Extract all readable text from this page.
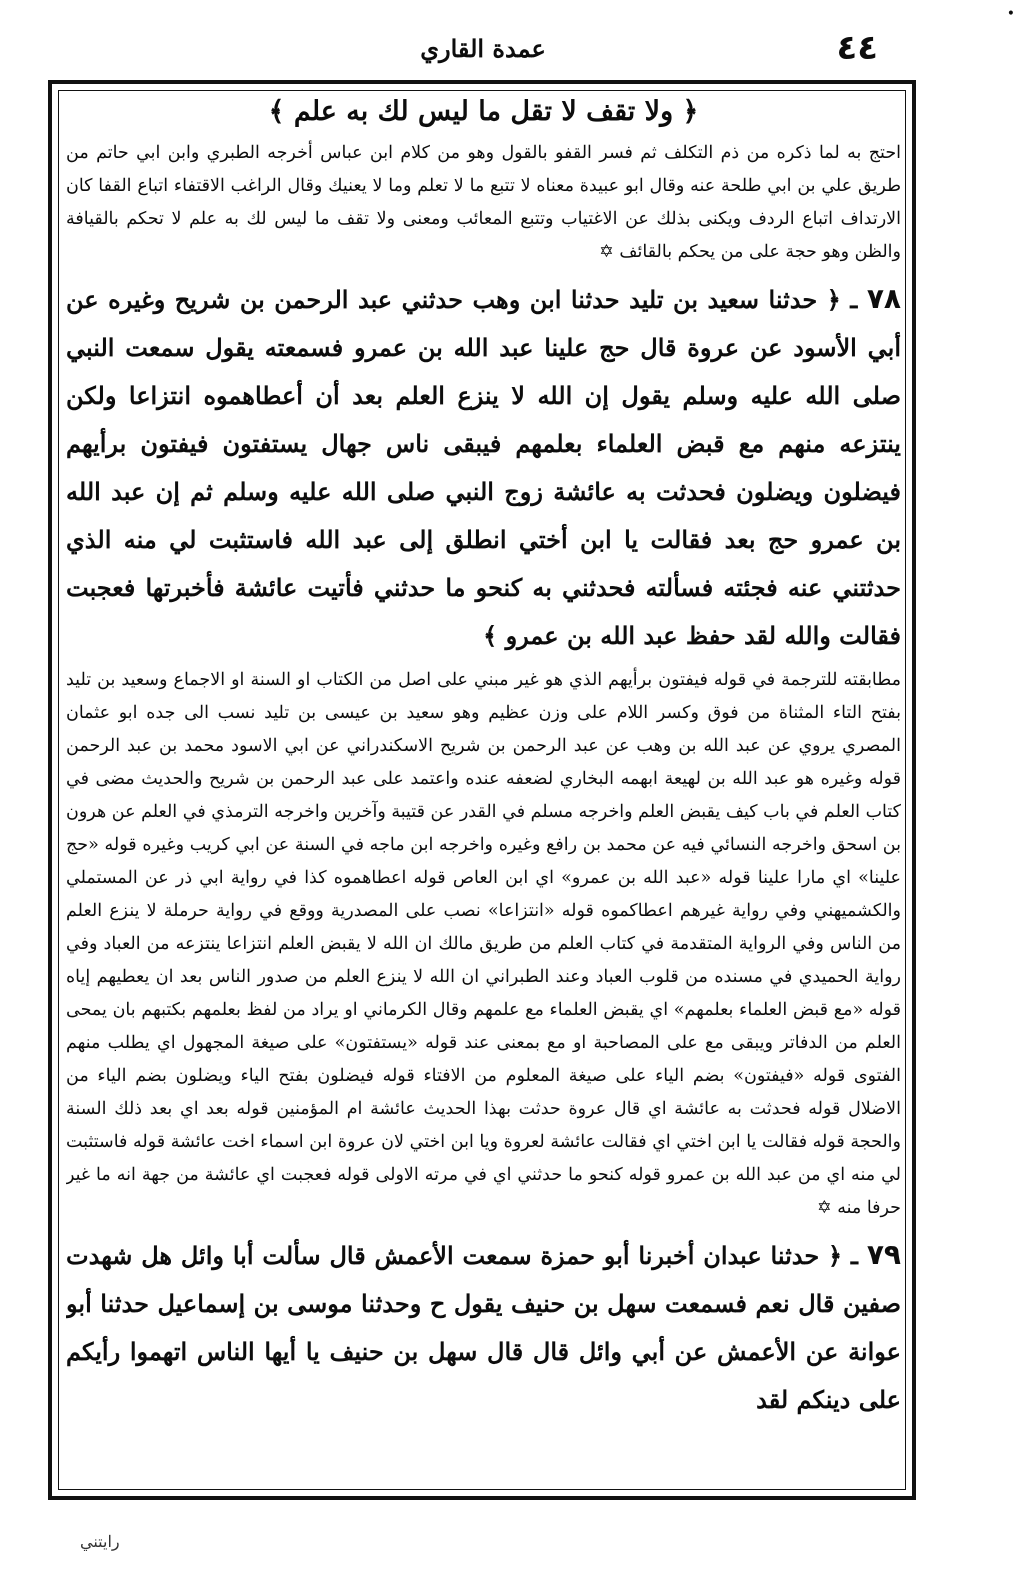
•
عمدة القاري	٤٤
﴿ ولا تقف لا تقل ما ليس لك به علم ﴾

احتج به لما ذكره من ذم التكلف ثم فسر القفو بالقول وهو من كلام ابن عباس أخرجه الطبري وابن ابي حاتم من طريق علي بن ابي طلحة عنه وقال ابو عبيدة معناه لا تتبع ما لا تعلم وما لا يعنيك وقال الراغب الاقتفاء اتباع القفا كان الارتداف اتباع الردف ويكنى بذلك عن الاغتياب وتتبع المعائب ومعنى ولا تقف ما ليس لك به علم لا تحكم بالقيافة والظن وهو حجة على من يحكم بالقائف ✡

٧٨ ـ ﴿ حدثنا سعيد بن تليد حدثنا ابن وهب حدثني عبد الرحمن بن شريح وغيره عن أبي الأسود عن عروة قال حج علينا عبد الله بن عمرو فسمعته يقول سمعت النبي صلى الله عليه وسلم يقول إن الله لا ينزع العلم بعد أن أعطاهموه انتزاعا ولكن ينتزعه منهم مع قبض العلماء بعلمهم فيبقى ناس جهال يستفتون فيفتون برأيهم فيضلون ويضلون فحدثت به عائشة زوج النبي صلى الله عليه وسلم ثم إن عبد الله بن عمرو حج بعد فقالت يا ابن أختي انطلق إلى عبد الله فاستثبت لي منه الذي حدثتني عنه فجئته فسألته فحدثني به كنحو ما حدثني فأتيت عائشة فأخبرتها فعجبت فقالت والله لقد حفظ عبد الله بن عمرو ﴾

مطابقته للترجمة في قوله فيفتون برأيهم الذي هو غير مبني على اصل من الكتاب او السنة او الاجماع وسعيد بن تليد بفتح التاء المثناة من فوق وكسر اللام على وزن عظيم وهو سعيد بن عيسى بن تليد نسب الى جده ابو عثمان المصري يروي عن عبد الله بن وهب عن عبد الرحمن بن شريح الاسكندراني عن ابي الاسود محمد بن عبد الرحمن قوله وغيره هو عبد الله بن لهيعة ابهمه البخاري لضعفه عنده واعتمد على عبد الرحمن بن شريح والحديث مضى في كتاب العلم في باب كيف يقبض العلم واخرجه مسلم في القدر عن قتيبة وآخرين واخرجه الترمذي في العلم عن هرون بن اسحق واخرجه النسائي فيه عن محمد بن رافع وغيره واخرجه ابن ماجه في السنة عن ابي كريب وغيره قوله «حج علينا» اي مارا علينا قوله «عبد الله بن عمرو» اي ابن العاص قوله اعطاهموه كذا في رواية ابي ذر عن المستملي والكشميهني وفي رواية غيرهم اعطاكموه قوله «انتزاعا» نصب على المصدرية ووقع في رواية حرملة لا ينزع العلم من الناس وفي الرواية المتقدمة في كتاب العلم من طريق مالك ان الله لا يقبض العلم انتزاعا ينتزعه من العباد وفي رواية الحميدي في مسنده من قلوب العباد وعند الطبراني ان الله لا ينزع العلم من صدور الناس بعد ان يعطيهم إياه قوله «مع قبض العلماء بعلمهم» اي يقبض العلماء مع علمهم وقال الكرماني او يراد من لفظ بعلمهم بكتبهم بان يمحى العلم من الدفاتر ويبقى مع على المصاحبة او مع بمعنى عند قوله «يستفتون» على صيغة المجهول اي يطلب منهم الفتوى قوله «فيفتون» بضم الياء على صيغة المعلوم من الافتاء قوله فيضلون بفتح الياء ويضلون بضم الياء من الاضلال قوله فحدثت به عائشة اي قال عروة حدثت بهذا الحديث عائشة ام المؤمنين قوله بعد اي بعد ذلك السنة والحجة قوله فقالت يا ابن اختي اي فقالت عائشة لعروة ويا ابن اختي لان عروة ابن اسماء اخت عائشة قوله فاستثبت لي منه اي من عبد الله بن عمرو قوله كنحو ما حدثني اي في مرته الاولى قوله فعجبت اي عائشة من جهة انه ما غير حرفا منه ✡

٧٩ ـ ﴿ حدثنا عبدان أخبرنا أبو حمزة سمعت الأعمش قال سألت أبا وائل هل شهدت صفين قال نعم فسمعت سهل بن حنيف يقول ح وحدثنا موسى بن إسماعيل حدثنا أبو عوانة عن الأعمش عن أبي وائل قال قال سهل بن حنيف يا أيها الناس اتهموا رأيكم على دينكم لقد

رايتني
